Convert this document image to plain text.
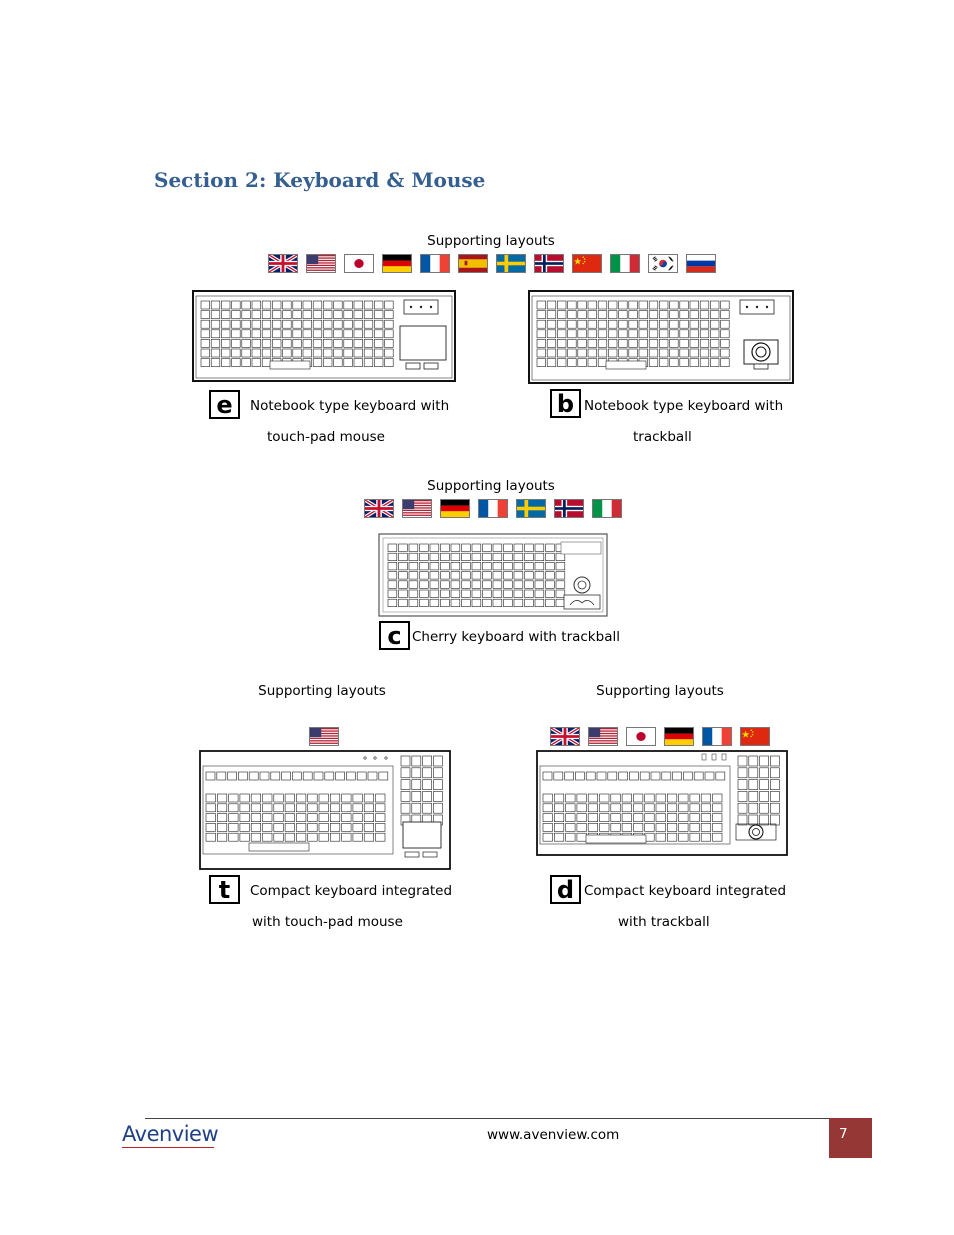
Section 2: Keyboard & Mouse
Supporting layouts
e	Notebook type keyboard with
touch-pad mouse
b Notebook type keyboard with
trackball
Supporting layouts
c Cherry keyboard with trackball
Supporting layouts	Supporting layouts
t	Compact keyboard integrated
with touch-pad mouse
d Compact keyboard integrated
with trackball
Avenview	www.avenview.com	7
